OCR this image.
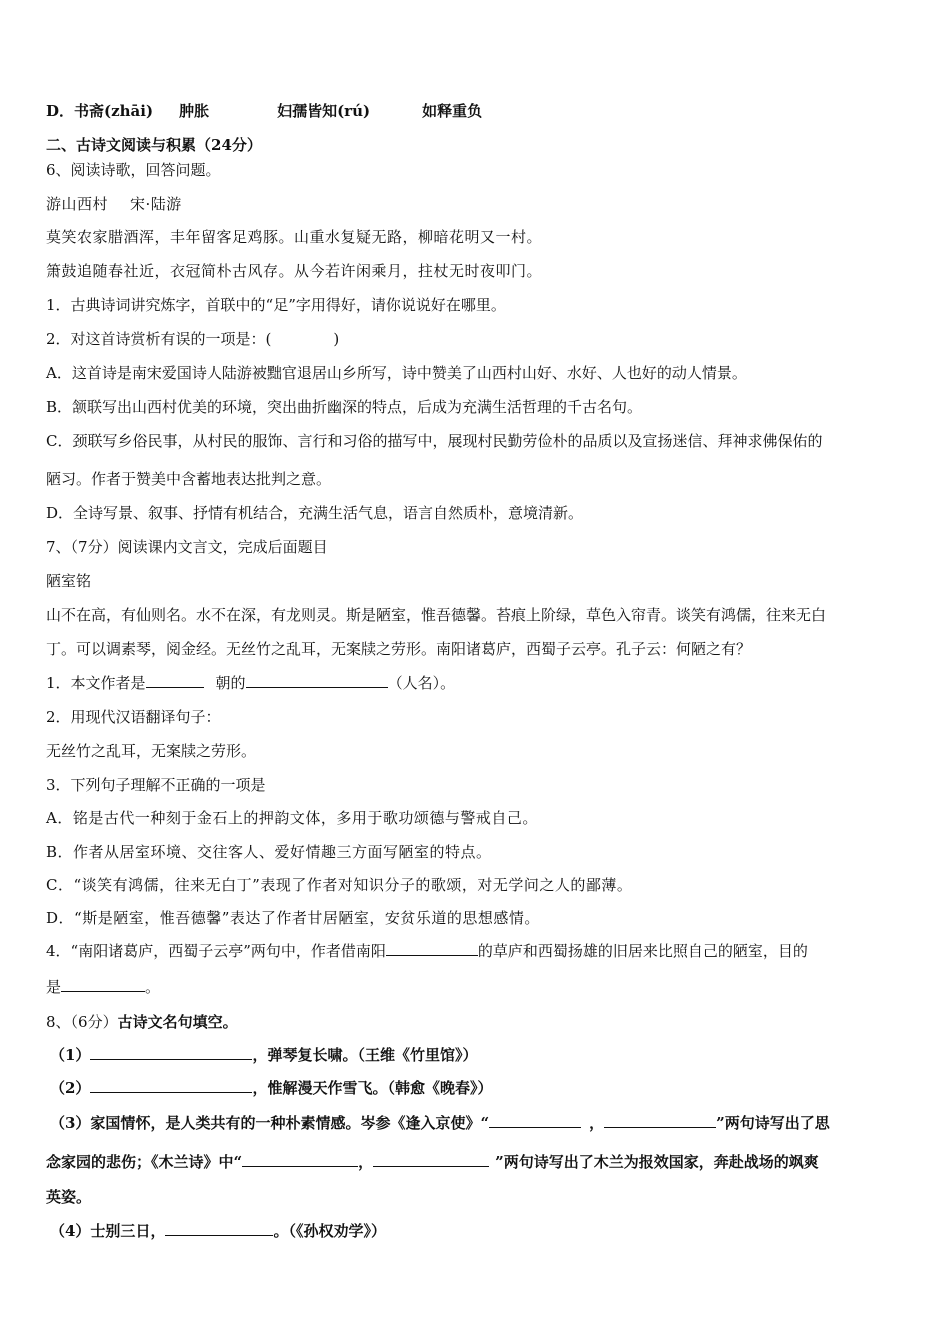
D．书斋(zhāi) 肿胀	妇孺皆知(rú)	如释重负
二、古诗文阅读与积累（24分）
6、阅读诗歌，回答问题。
游山西村 宋·陆游
莫笑农家腊酒浑，丰年留客足鸡豚。山重水复疑无路，柳暗花明又一村。
箫鼓追随春社近，衣冠简朴古风存。从今若许闲乘月，拄杖无时夜叩门。
1．古典诗词讲究炼字，首联中的“足”字用得好，请你说说好在哪里。
2．对这首诗赏析有误的一项是：(	)
A．这首诗是南宋爱国诗人陆游被黜官退居山乡所写，诗中赞美了山西村山好、水好、人也好的动人情景。
B．颔联写出山西村优美的环境，突出曲折幽深的特点，后成为充满生活哲理的千古名句。
C．颈联写乡俗民事，从村民的服饰、言行和习俗的描写中，展现村民勤劳俭朴的品质以及宣扬迷信、拜神求佛保佑的
陋习。作者于赞美中含蓄地表达批判之意。
D．全诗写景、叙事、抒情有机结合，充满生活气息，语言自然质朴，意境清新。
7、（7分）阅读课内文言文，完成后面题目
陋室铭
山不在高，有仙则名。水不在深，有龙则灵。斯是陋室，惟吾德馨。苔痕上阶绿，草色入帘青。谈笑有鸿儒，往来无白
丁。可以调素琴，阅金经。无丝竹之乱耳，无案牍之劳形。南阳诸葛庐，西蜀子云亭。孔子云：何陋之有？
1．本文作者是	朝的	（人名）。
2．用现代汉语翻译句子：
无丝竹之乱耳，无案牍之劳形。
3．下列句子理解不正确的一项是
A．铭是古代一种刻于金石上的押韵文体，多用于歌功颂德与警戒自己。
B．作者从居室环境、交往客人、爱好情趣三方面写陋室的特点。
C．“谈笑有鸿儒，往来无白丁”表现了作者对知识分子的歌颂，对无学问之人的鄙薄。
D．“斯是陋室，惟吾德馨”表达了作者甘居陋室，安贫乐道的思想感情。
4．“南阳诸葛庐，西蜀子云亭”两句中，作者借南阳	的草庐和西蜀扬雄的旧居来比照自己的陋室，目的
是	。
8、（6分）古诗文名句填空。
（1）	，弹琴复长啸。（王维《竹里馆》）
（2）	，惟解漫天作雪飞。（韩愈《晚春》）
（3）家国情怀，是人类共有的一种朴素情感。岑参《逢入京使》“	，	”两句诗写出了思
念家园的悲伤；《木兰诗》中“	，	”两句诗写出了木兰为报效国家，奔赴战场的飒爽
英姿。
（4）士别三日，	。（《孙权劝学》）
